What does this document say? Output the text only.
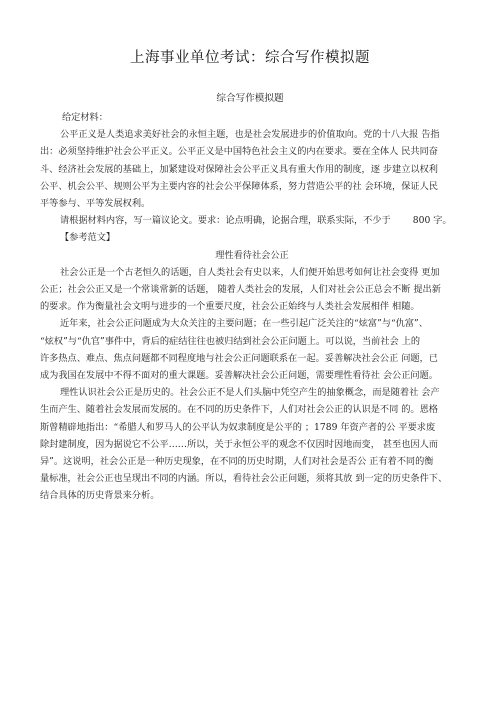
上海事业单位考试：综合写作模拟题
综合写作模拟题

给定材料：

公平正义是人类追求美好社会的永恒主题，也是社会发展进步的价值取向。党的十八大报 告指

出：必须坚持维护社会公平正义。公平正义是中国特色社会主义的内在要求。要在全体人 民共同奋

斗、经济社会发展的基础上，加紧建设对保障社会公平正义具有重大作用的制度，逐 步建立以权利

公平、机会公平、规则公平为主要内容的社会公平保障体系，努力营造公平的社 会环境，保证人民

平等参与、平等发展权利。

请根据材料内容，写一篇议论文。要求：论点明确，论据合理，联系实际，不少于 800 字。

【参考范文】

理性看待社会公正

社会公正是一个古老恒久的话题，自人类社会有史以来，人们便开始思考如何让社会变得 更加

公正；社会公正又是一个常谈常新的话题， 随着人类社会的发展，人们对社会公正总会不断 提出新

的要求。作为衡量社会文明与进步的一个重要尺度，社会公正始终与人类社会发展相伴 相随。

近年来，社会公正问题成为大众关注的主要问题；在一些引起广泛关注的“炫富”与“仇富”、

“炫权”与“仇官”事件中，背后的症结往往也被归结到社会公正问题上。可以说，当前社会 上的

许多热点、难点、焦点问题都不同程度地与社会公正问题联系在一起。妥善解决社会公正 问题，已

成为我国在发展中不得不面对的重大课题。妥善解决社会公正问题，需要理性看待社 会公正问题。

理性认识社会公正是历史的。社会公正不是人们头脑中凭空产生的抽象概念，而是随着社 会产

生而产生、随着社会发展而发展的。在不同的历史条件下，人们对社会公正的认识是不同 的。恩格

斯曾精辟地指出：“希腊人和罗马人的公平认为奴隶制度是公平的 ；1789 年资产者的公 平要求废

除封建制度，因为据说它不公平……所以，关于永恒公平的观念不仅因时因地而变， 甚至也因人而

异”。这说明，社会公正是一种历史现象，在不同的历史时期，人们对社会是否公 正有着不同的衡

量标准，社会公正也呈现出不同的内涵。所以，看待社会公正问题，须将其放 到一定的历史条件下、

结合具体的历史背景来分析。
